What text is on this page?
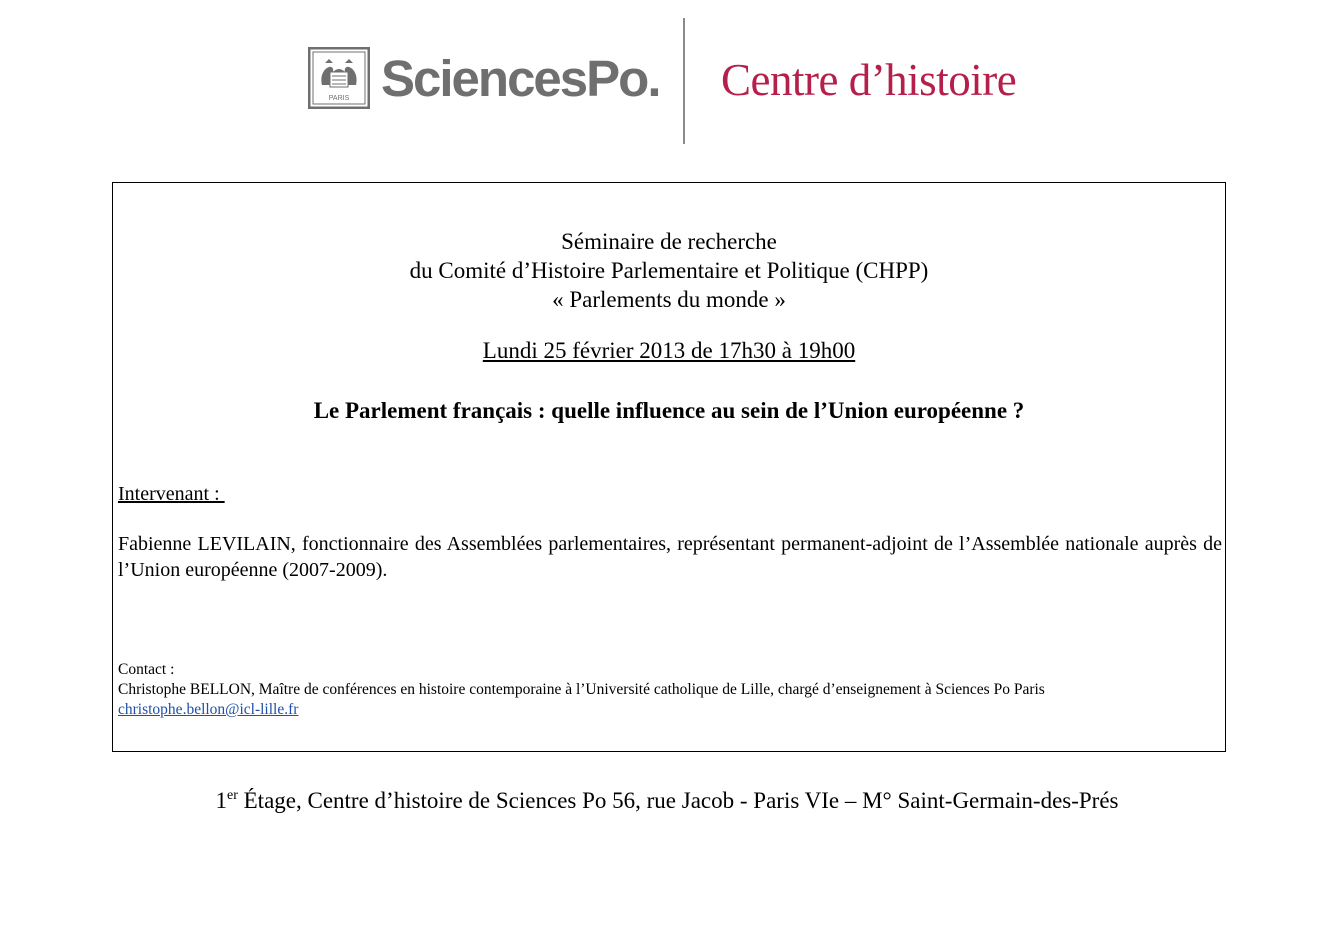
PARIS SciencesPo. Centre d’histoire
Séminaire de recherche
du Comité d’Histoire Parlementaire et Politique (CHPP)
« Parlements du monde »
Lundi 25 février 2013 de 17h30 à 19h00
Le Parlement français : quelle influence au sein de l’Union européenne ?
Intervenant :
Fabienne LEVILAIN, fonctionnaire des Assemblées parlementaires, représentant permanent-adjoint de l’Assemblée nationale auprès de l’Union européenne (2007-2009).
Contact :
Christophe BELLON, Maître de conférences en histoire contemporaine à l’Université catholique de Lille, chargé d’enseignement à Sciences Po Paris
christophe.bellon@icl-lille.fr
1er Étage, Centre d’histoire de Sciences Po 56, rue Jacob - Paris VIe – M° Saint-Germain-des-Prés
